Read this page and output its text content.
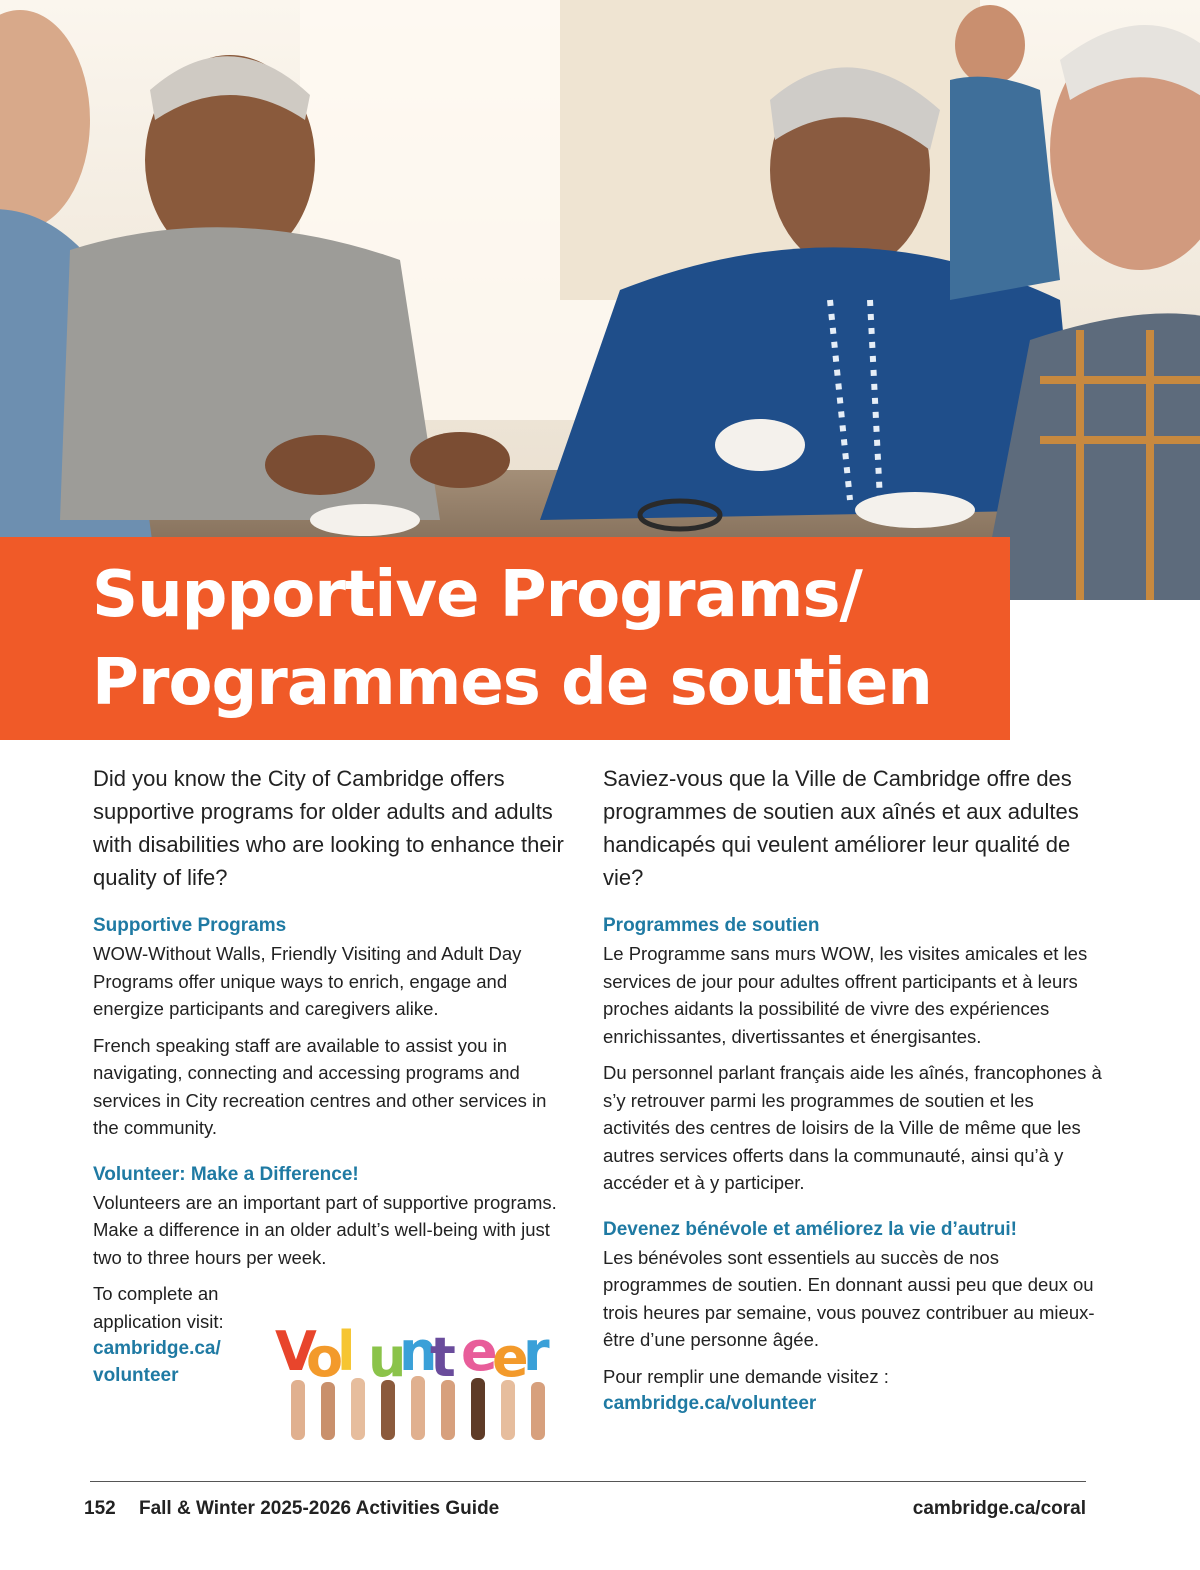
Supportive Programs/
Programmes de soutien

Did you know the City of Cambridge offers supportive programs for older adults and adults with disabilities who are looking to enhance their quality of life?

Supportive Programs

WOW-Without Walls, Friendly Visiting and Adult Day Programs offer unique ways to enrich, engage and energize participants and caregivers alike.

French speaking staff are available to assist you in navigating, connecting and accessing programs and services in City recreation centres and other services in the community.

Volunteer: Make a Difference!

Volunteers are an important part of supportive programs. Make a difference in an older adult’s well-being with just two to three hours per week.

To complete an application visit:
cambridge.ca/ volunteer	V
o
l u
n
t e
e
r

Saviez-vous que la Ville de Cambridge offre des programmes de soutien aux aînés et aux adultes handicapés qui veulent améliorer leur qualité de vie?

Programmes de soutien

Le Programme sans murs WOW, les visites amicales et les services de jour pour adultes offrent participants et à leurs proches aidants la possibilité de vivre des expériences enrichissantes, divertissantes et énergisantes.

Du personnel parlant français aide les aînés, francophones à s’y retrouver parmi les programmes de soutien et les activités des centres de loisirs de la Ville de même que les autres services offerts dans la communauté, ainsi qu’à y accéder et à y participer.

Devenez bénévole et améliorez la vie d’autrui!

Les bénévoles sont essentiels au succès de nos programmes de soutien. En donnant aussi peu que deux ou trois heures par semaine, vous pouvez contribuer au mieux-être d’une personne âgée.

Pour remplir une demande visitez :

cambridge.ca/volunteer
152 Fall & Winter 2025-2026 Activities Guide	cambridge.ca/coral
